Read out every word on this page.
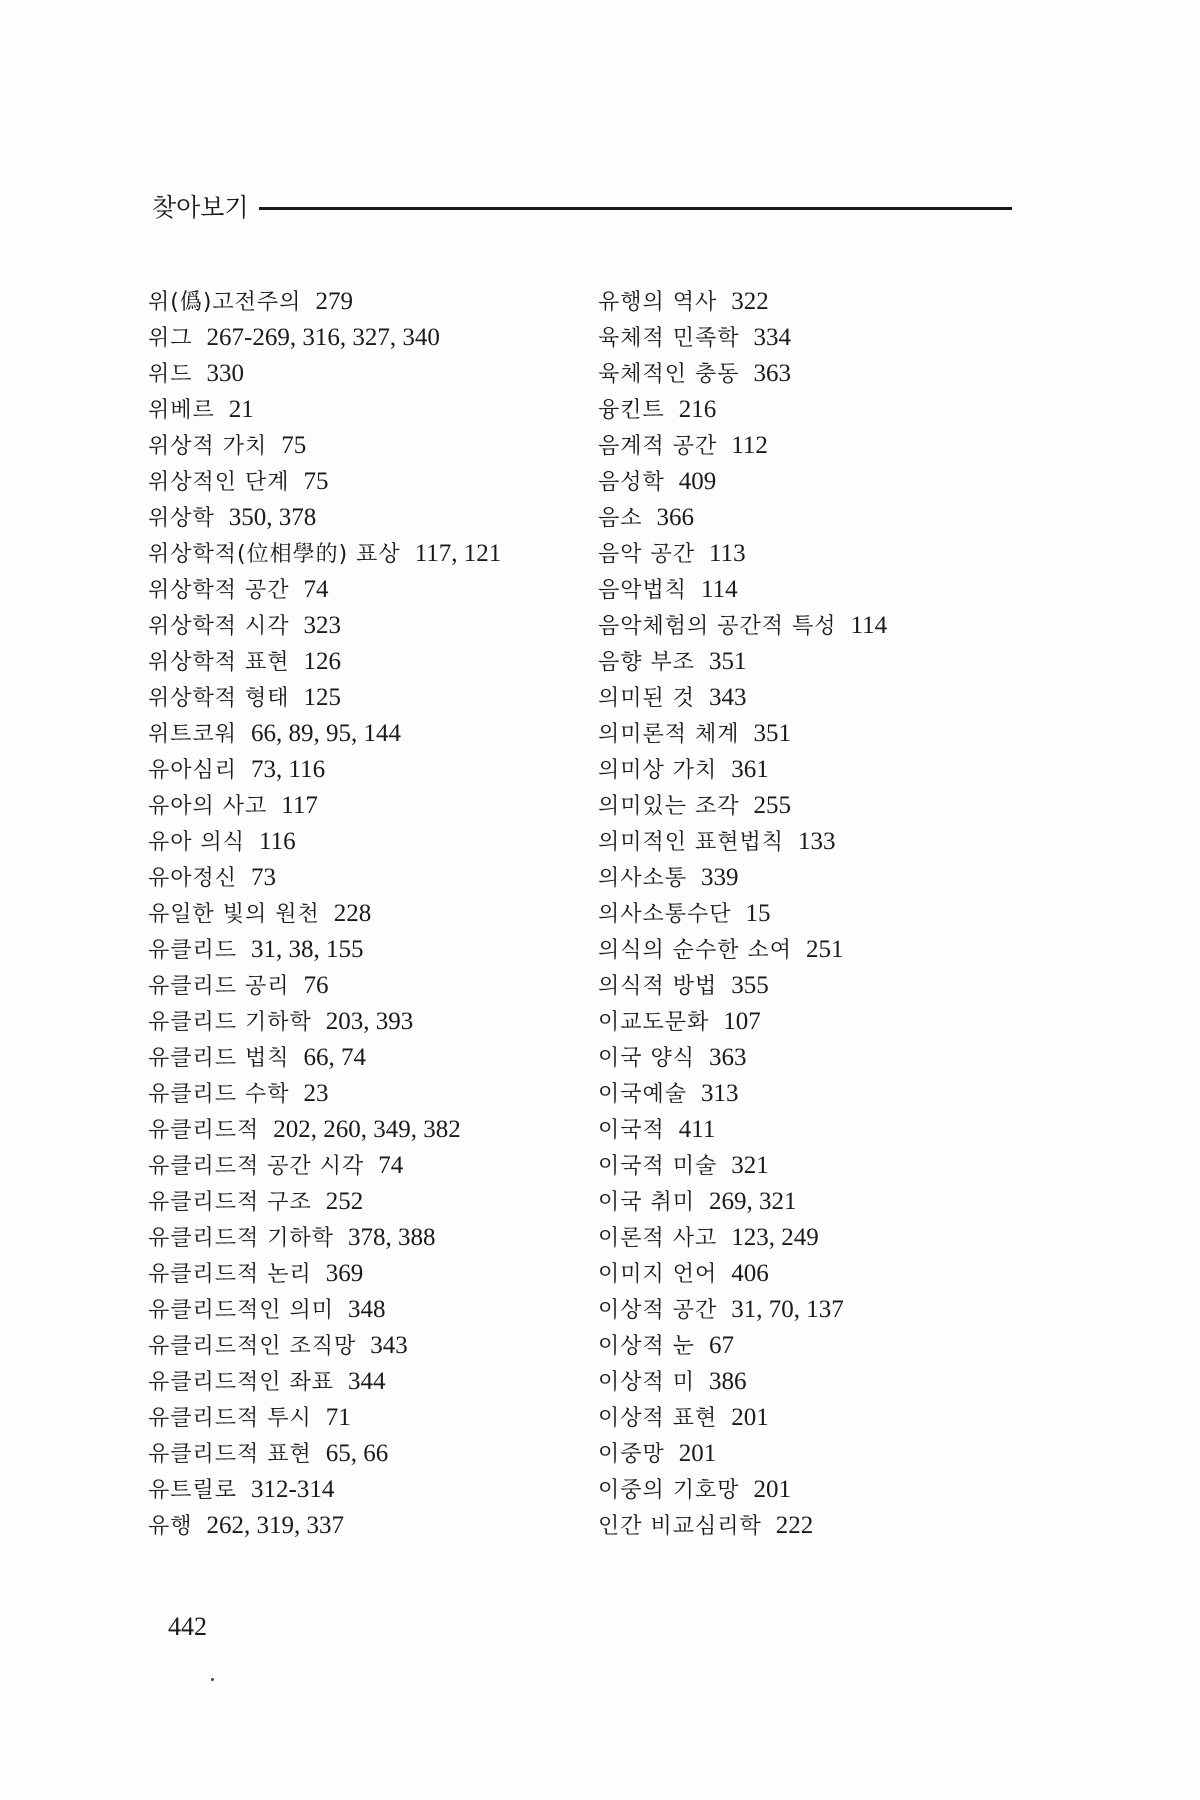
찾아보기
위(僞)고전주의 279
위그 267-269, 316, 327, 340
위드 330
위베르 21
위상적 가치 75
위상적인 단계 75
위상학 350, 378
위상학적(位相學的) 표상 117, 121
위상학적 공간 74
위상학적 시각 323
위상학적 표현 126
위상학적 형태 125
위트코워 66, 89, 95, 144
유아심리 73, 116
유아의 사고 117
유아 의식 116
유아정신 73
유일한 빛의 원천 228
유클리드 31, 38, 155
유클리드 공리 76
유클리드 기하학 203, 393
유클리드 법칙 66, 74
유클리드 수학 23
유클리드적 202, 260, 349, 382
유클리드적 공간 시각 74
유클리드적 구조 252
유클리드적 기하학 378, 388
유클리드적 논리 369
유클리드적인 의미 348
유클리드적인 조직망 343
유클리드적인 좌표 344
유클리드적 투시 71
유클리드적 표현 65, 66
유트릴로 312-314
유행 262, 319, 337
유행의 역사 322
육체적 민족학 334
육체적인 충동 363
융킨트 216
음계적 공간 112
음성학 409
음소 366
음악 공간 113
음악법칙 114
음악체험의 공간적 특성 114
음향 부조 351
의미된 것 343
의미론적 체계 351
의미상 가치 361
의미있는 조각 255
의미적인 표현법칙 133
의사소통 339
의사소통수단 15
의식의 순수한 소여 251
의식적 방법 355
이교도문화 107
이국 양식 363
이국예술 313
이국적 411
이국적 미술 321
이국 취미 269, 321
이론적 사고 123, 249
이미지 언어 406
이상적 공간 31, 70, 137
이상적 눈 67
이상적 미 386
이상적 표현 201
이중망 201
이중의 기호망 201
인간 비교심리학 222
442
